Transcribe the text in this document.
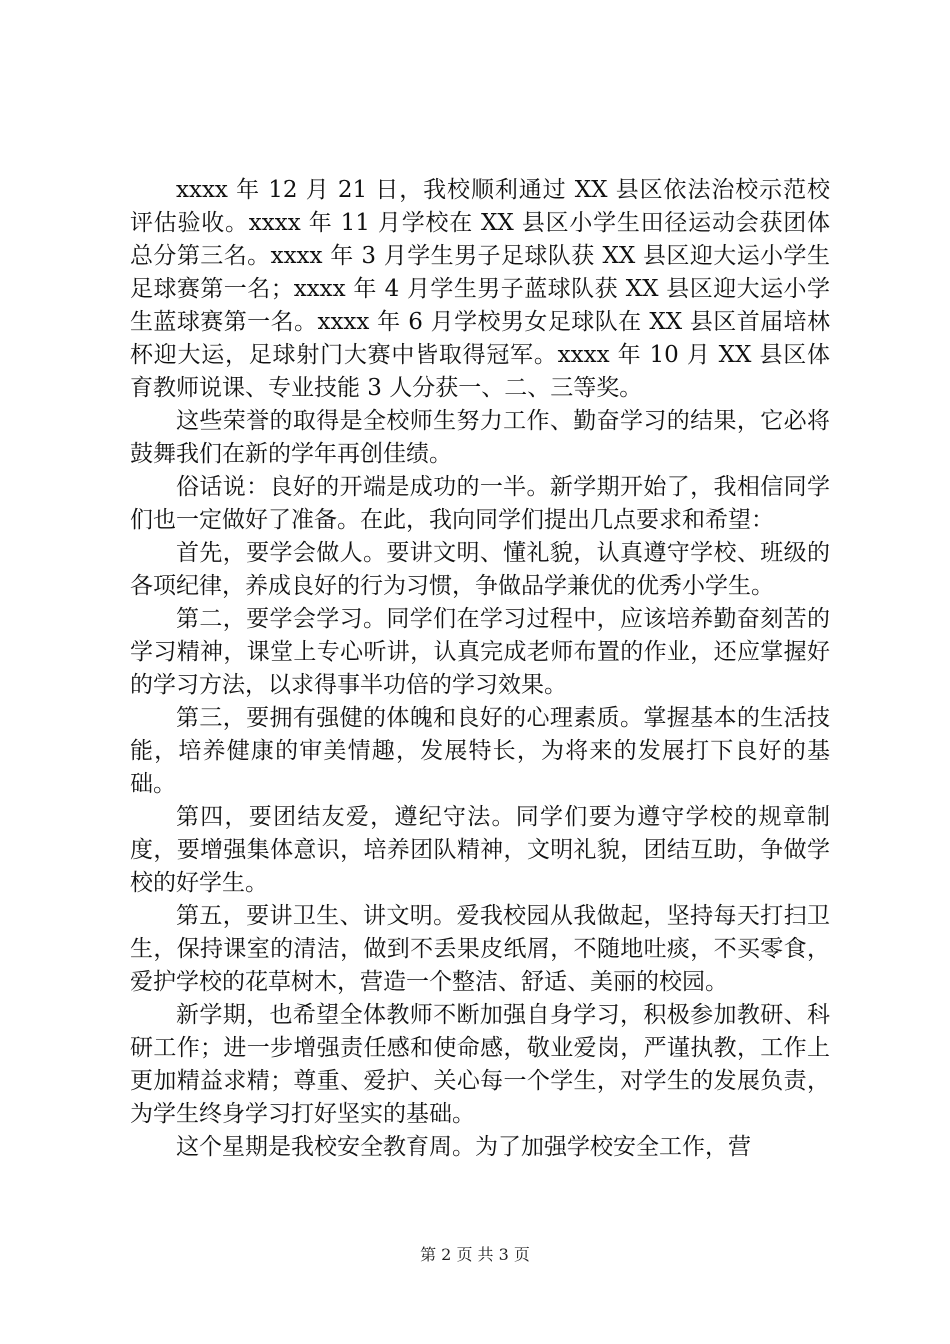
xxxx 年 12 月 21 日，我校顺利通过 XX 县区依法治校示范校评估验收。xxxx 年 11 月学校在 XX 县区小学生田径运动会获团体总分第三名。xxxx 年 3 月学生男子足球队获 XX 县区迎大运小学生足球赛第一名；xxxx 年 4 月学生男子蓝球队获 XX 县区迎大运小学生蓝球赛第一名。xxxx 年 6 月学校男女足球队在 XX 县区首届培林杯迎大运，足球射门大赛中皆取得冠军。xxxx 年 10 月 XX 县区体育教师说课、专业技能 3 人分获一、二、三等奖。

这些荣誉的取得是全校师生努力工作、勤奋学习的结果，它必将鼓舞我们在新的学年再创佳绩。

俗话说：良好的开端是成功的一半。新学期开始了，我相信同学们也一定做好了准备。在此，我向同学们提出几点要求和希望：

首先，要学会做人。要讲文明、懂礼貌，认真遵守学校、班级的各项纪律，养成良好的行为习惯，争做品学兼优的优秀小学生。

第二，要学会学习。同学们在学习过程中，应该培养勤奋刻苦的学习精神，课堂上专心听讲，认真完成老师布置的作业，还应掌握好的学习方法，以求得事半功倍的学习效果。

第三，要拥有强健的体魄和良好的心理素质。掌握基本的生活技能，培养健康的审美情趣，发展特长，为将来的发展打下良好的基础。

第四，要团结友爱，遵纪守法。同学们要为遵守学校的规章制度，要增强集体意识，培养团队精神，文明礼貌，团结互助，争做学校的好学生。

第五，要讲卫生、讲文明。爱我校园从我做起，坚持每天打扫卫生，保持课室的清洁，做到不丢果皮纸屑，不随地吐痰，不买零食，爱护学校的花草树木，营造一个整洁、舒适、美丽的校园。

新学期，也希望全体教师不断加强自身学习，积极参加教研、科研工作；进一步增强责任感和使命感，敬业爱岗，严谨执教，工作上更加精益求精；尊重、爱护、关心每一个学生，对学生的发展负责，为学生终身学习打好坚实的基础。

这个星期是我校安全教育周。为了加强学校安全工作，营

第 2 页 共 3 页
